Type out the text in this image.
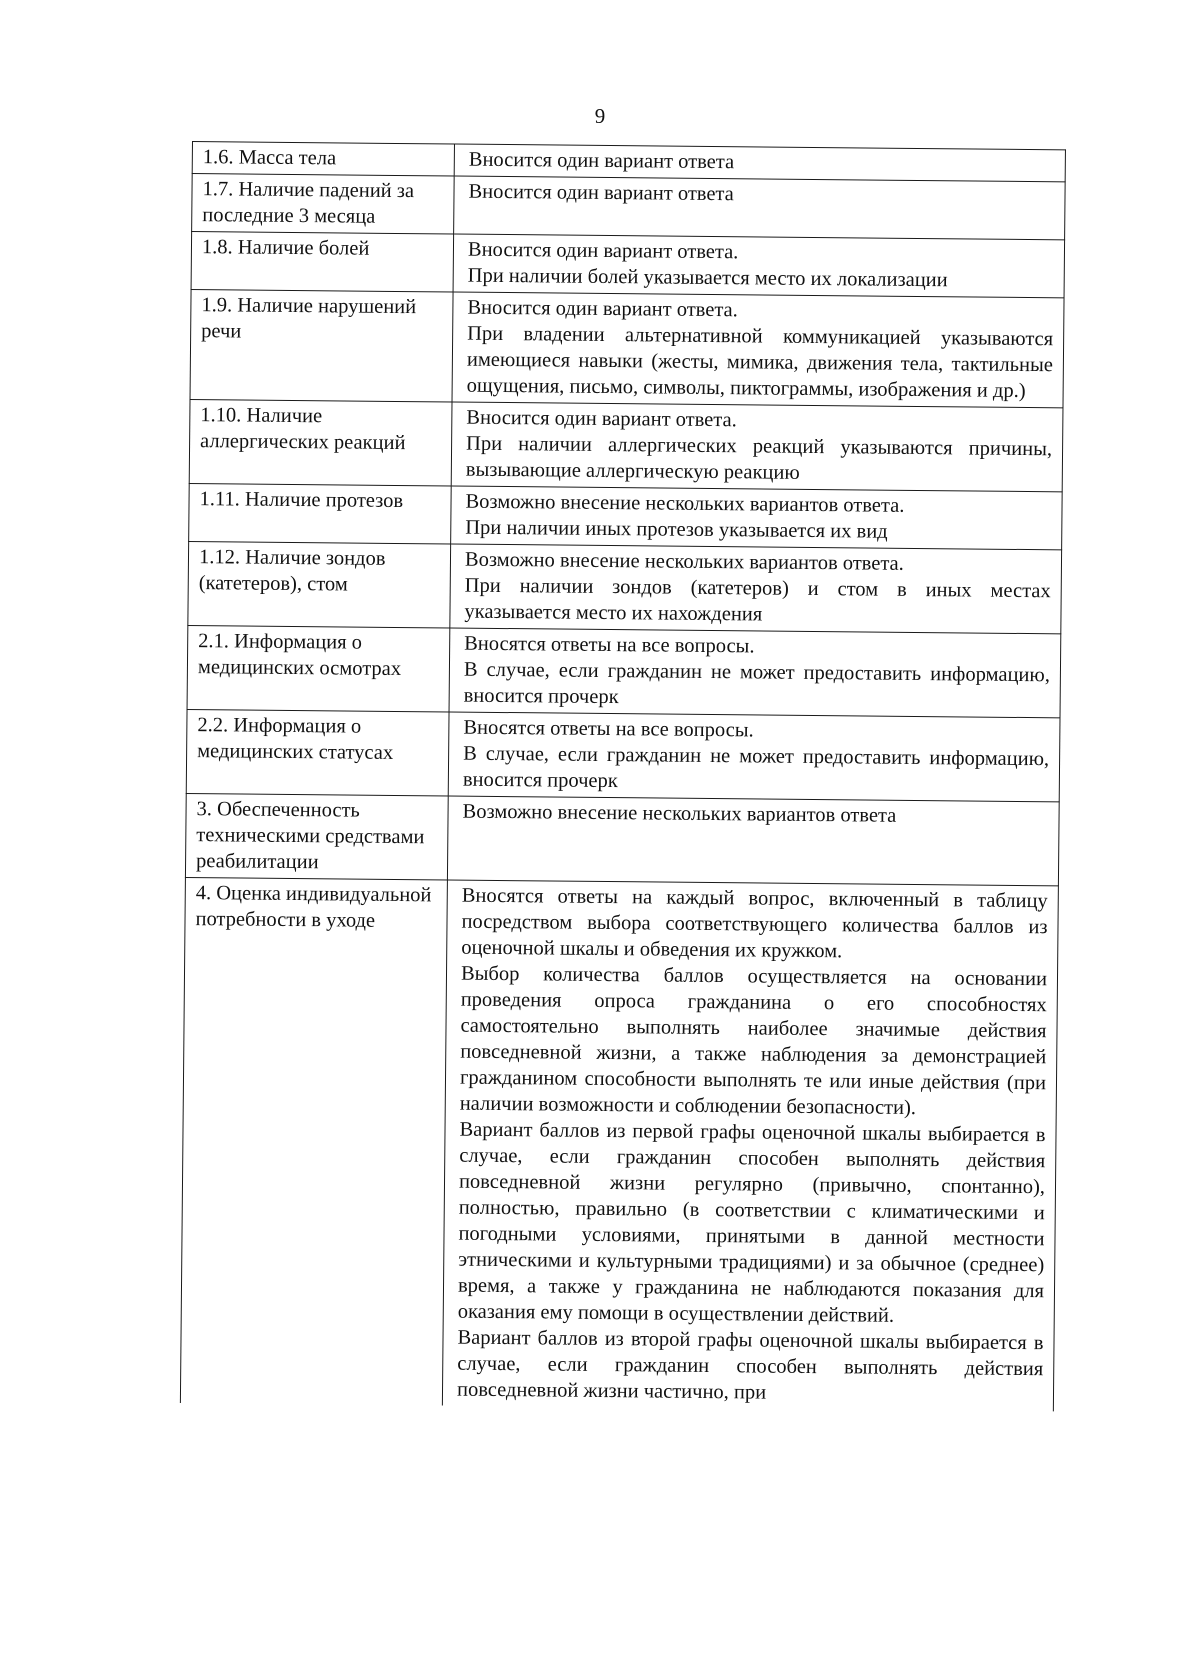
9
1.6. Масса тела	Вносится один вариант ответа

1.7. Наличие падений за последние 3 месяца	Вносится один вариант ответа

1.8. Наличие болей	Вносится один вариант ответа.

При наличии болей указывается место их локализации

1.9. Наличие нарушений речи	Вносится один вариант ответа.

При владении альтернативной коммуникацией указываются имеющиеся навыки (жесты, мимика, движения тела, тактильные ощущения, письмо, символы, пиктограммы, изображения и др.)

1.10. Наличие аллергических реакций	Вносится один вариант ответа.

При наличии аллергических реакций указываются причины, вызывающие аллергическую реакцию

1.11. Наличие протезов	Возможно внесение нескольких вариантов ответа.

При наличии иных протезов указывается их вид

1.12. Наличие зондов (катетеров), стом	Возможно внесение нескольких вариантов ответа.

При наличии зондов (катетеров) и стом в иных местах указывается место их нахождения

2.1. Информация о медицинских осмотрах	Вносятся ответы на все вопросы.

В случае, если гражданин не может предоставить информацию, вносится прочерк

2.2. Информация о медицинских статусах	Вносятся ответы на все вопросы.

В случае, если гражданин не может предоставить информацию, вносится прочерк

3. Обеспеченность техническими средствами реабилитации	Возможно внесение нескольких вариантов ответа

4. Оценка индивидуальной потребности в уходе	Вносятся ответы на каждый вопрос, включенный в таблицу посредством выбора соответствующего количества баллов из оценочной шкалы и обведения их кружком.

Выбор количества баллов осуществляется на основании проведения опроса гражданина о его способностях самостоятельно выполнять наиболее значимые действия повседневной жизни, а также наблюдения за демонстрацией гражданином способности выполнять те или иные действия (при наличии возможности и соблюдении безопасности).

Вариант баллов из первой графы оценочной шкалы выбирается в случае, если гражданин способен выполнять действия повседневной жизни регулярно (привычно, спонтанно), полностью, правильно (в соответствии с климатическими и погодными условиями, принятыми в данной местности этническими и культурными традициями) и за обычное (среднее) время, а также у гражданина не наблюдаются показания для оказания ему помощи в осуществлении действий.

Вариант баллов из второй графы оценочной шкалы выбирается в случае, если гражданин способен выполнять действия повседневной жизни частично, при
